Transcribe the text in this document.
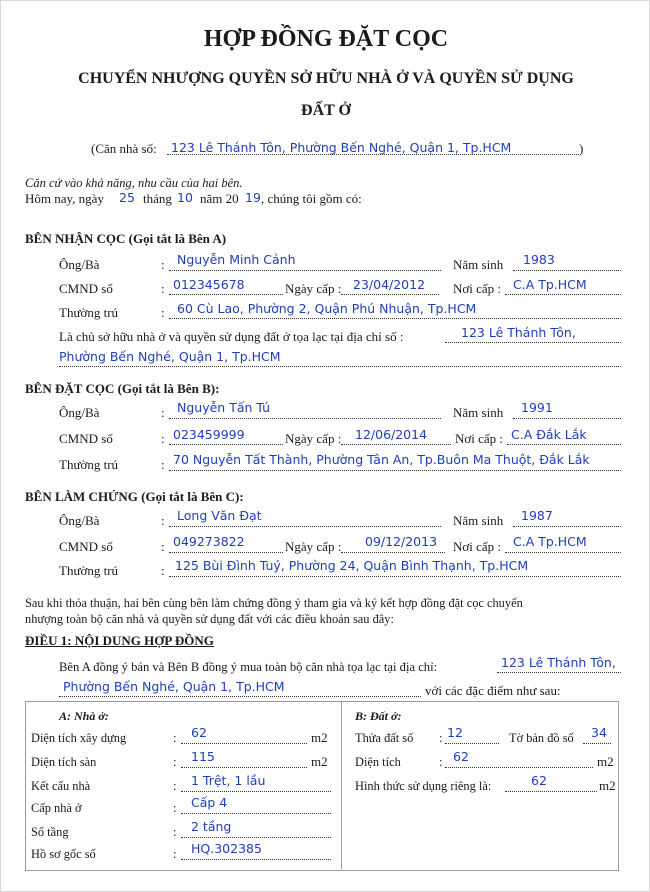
HỢP ĐỒNG ĐẶT CỌC
CHUYỂN NHƯỢNG QUYỀN SỞ HỮU NHÀ Ở VÀ QUYỀN SỬ DỤNG
ĐẤT Ở
(Căn nhà số: 123 Lê Thánh Tôn, Phường Bến Nghé, Quận 1, Tp.HCM	)
Căn cứ vào khả năng, nhu cầu của hai bên.
Hôm nay, ngày 25 tháng 10 năm 20 19 , chúng tôi gồm có:
BÊN NHẬN CỌC (Gọi tắt là Bên A)
Ông/Bà	: Nguyễn Minh Cảnh	Năm sinh 1983
CMND số	: 012345678	Ngày cấp : 23/04/2012 Nơi cấp : C.A Tp.HCM
Thường trú	: 60 Cù Lao, Phường 2, Quận Phú Nhuận, Tp.HCM
Là chủ sở hữu nhà ở và quyền sử dụng đất ở tọa lạc tại địa chỉ số :	123 Lê Thánh Tôn,
Phường Bến Nghé, Quận 1, Tp.HCM
BÊN ĐẶT CỌC (Gọi tắt là Bên B):
Ông/Bà	: Nguyễn Tấn Tú	Năm sinh 1991
CMND số	: 023459999	Ngày cấp : 12/06/2014 Nơi cấp : C.A Đắk Lắk
Thường trú	: 70 Nguyễn Tất Thành, Phường Tân An, Tp.Buôn Ma Thuột, Đắk Lắk
BÊN LÀM CHỨNG (Gọi tắt là Bên C):
Ông/Bà	: Long Văn Đạt	Năm sinh 1987
CMND số	: 049273822	Ngày cấp : 09/12/2013 Nơi cấp : C.A Tp.HCM
Thường trú	: 125 Bùi Đình Tuý, Phường 24, Quận Bình Thạnh, Tp.HCM
Sau khi thỏa thuận, hai bên cùng bên làm chứng đồng ý tham gia và ký kết hợp đồng đặt cọc chuyển
nhượng toàn bộ căn nhà và quyền sử dụng đất với các điều khoản sau đây:
ĐIỀU 1: NỘI DUNG HỢP ĐỒNG
Bên A đồng ý bán và Bên B đồng ý mua toàn bộ căn nhà tọa lạc tại địa chỉ:	123 Lê Thánh Tôn,
Phường Bến Nghé, Quận 1, Tp.HCM	với các đặc điểm như sau:
A: Nhà ở:
Diện tích xây dựng	: 62	m2
Diện tích sàn	: 115	m2
Kết cấu nhà	: 1 Trệt, 1 lầu
Cấp nhà ở	: Cấp 4
Số tầng	: 2 tầng
Hồ sơ gốc số	: HQ.302385
B: Đất ở:
Thửa đất số : 12	Tờ bản đồ số 34
Diện tích	: 62	m2
Hình thức sử dụng riêng là:	62	m2
